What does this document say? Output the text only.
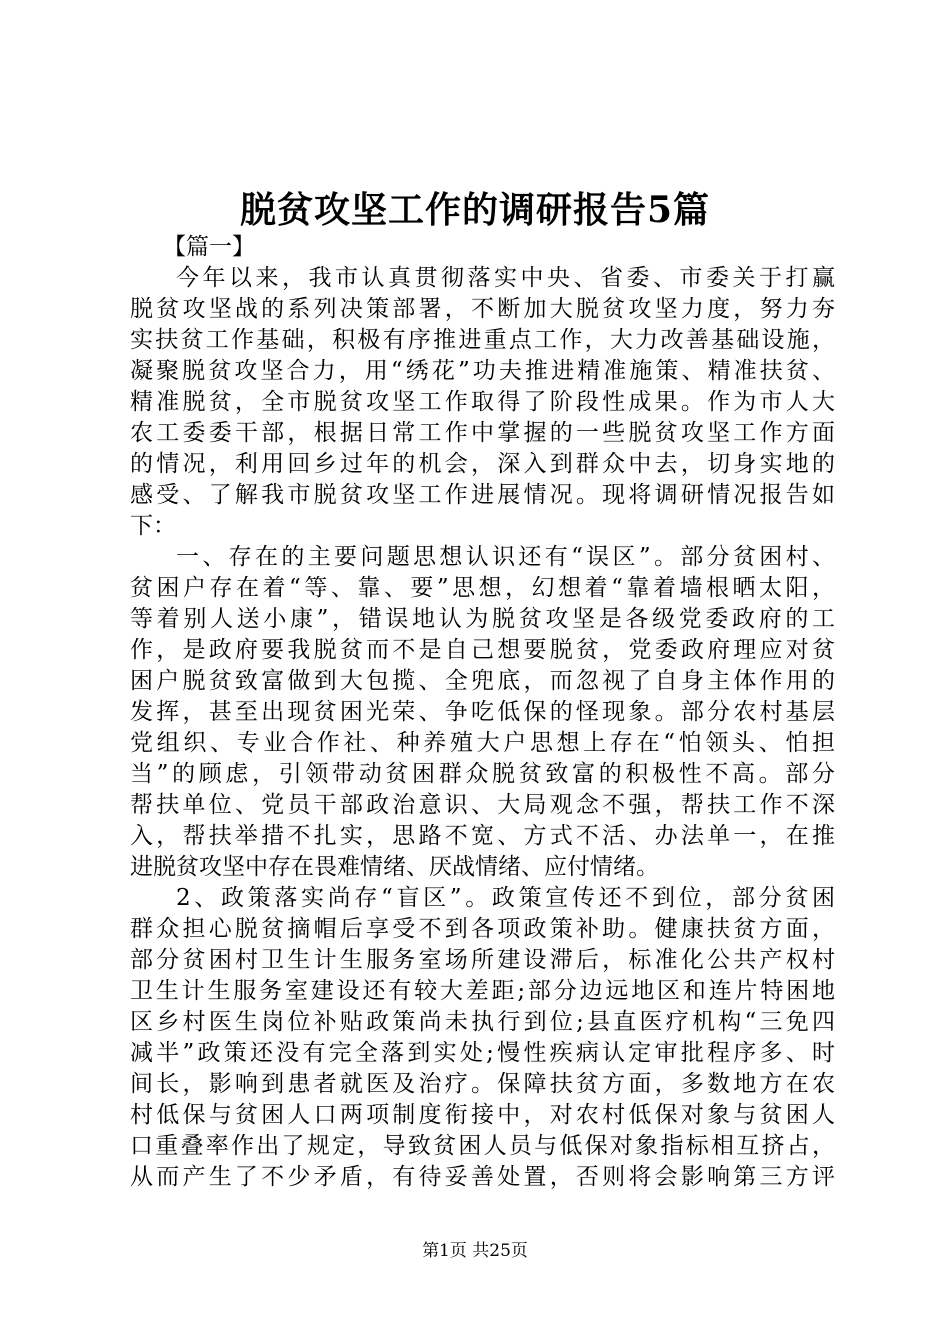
脱贫攻坚工作的调研报告5篇
【篇一】
今年以来，我市认真贯彻落实中央、省委、市委关于打赢
脱贫攻坚战的系列决策部署，不断加大脱贫攻坚力度，努力夯
实扶贫工作基础，积极有序推进重点工作，大力改善基础设施，
凝聚脱贫攻坚合力，用“绣花”功夫推进精准施策、精准扶贫、
精准脱贫，全市脱贫攻坚工作取得了阶段性成果。作为市人大
农工委委干部，根据日常工作中掌握的一些脱贫攻坚工作方面
的情况，利用回乡过年的机会，深入到群众中去，切身实地的
感受、了解我市脱贫攻坚工作进展情况。现将调研情况报告如
下：
一、存在的主要问题思想认识还有“误区”。部分贫困村、
贫困户存在着“等、靠、要”思想，幻想着“靠着墙根晒太阳，
等着别人送小康”，错误地认为脱贫攻坚是各级党委政府的工
作，是政府要我脱贫而不是自己想要脱贫，党委政府理应对贫
困户脱贫致富做到大包揽、全兜底，而忽视了自身主体作用的
发挥，甚至出现贫困光荣、争吃低保的怪现象。部分农村基层
党组织、专业合作社、种养殖大户思想上存在“怕领头、怕担
当”的顾虑，引领带动贫困群众脱贫致富的积极性不高。部分
帮扶单位、党员干部政治意识、大局观念不强，帮扶工作不深
入，帮扶举措不扎实，思路不宽、方式不活、办法单一，在推
进脱贫攻坚中存在畏难情绪、厌战情绪、应付情绪。
2、政策落实尚存“盲区”。政策宣传还不到位，部分贫困
群众担心脱贫摘帽后享受不到各项政策补助。健康扶贫方面，
部分贫困村卫生计生服务室场所建设滞后，标准化公共产权村
卫生计生服务室建设还有较大差距;部分边远地区和连片特困地
区乡村医生岗位补贴政策尚未执行到位;县直医疗机构“三免四
减半”政策还没有完全落到实处;慢性疾病认定审批程序多、时
间长，影响到患者就医及治疗。保障扶贫方面，多数地方在农
村低保与贫困人口两项制度衔接中，对农村低保对象与贫困人
口重叠率作出了规定，导致贫困人员与低保对象指标相互挤占，
从而产生了不少矛盾，有待妥善处置，否则将会影响第三方评
第1页 共25页
